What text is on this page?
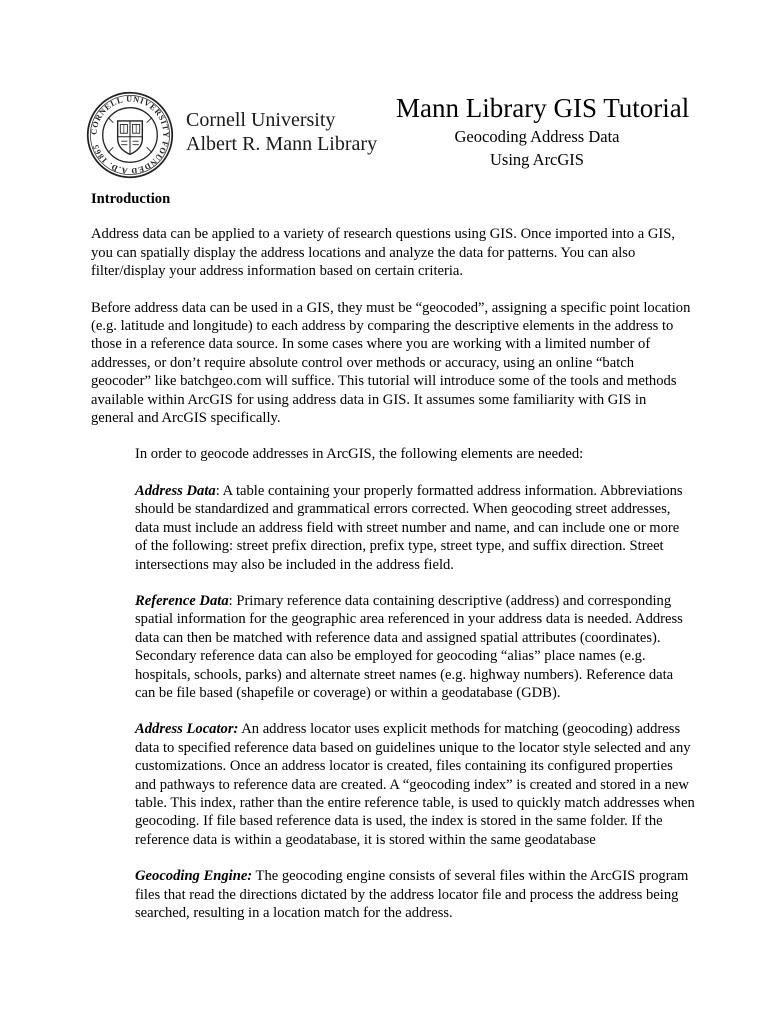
CORNELL UNIVERSITY FOUNDED A.D. 1865
Cornell University
Albert R. Mann Library
Mann Library GIS Tutorial
Geocoding Address Data
Using ArcGIS
Introduction

Address data can be applied to a variety of research questions using GIS. Once imported into a GIS, you can spatially display the address locations and analyze the data for patterns. You can also filter/display your address information based on certain criteria.

Before address data can be used in a GIS, they must be “geocoded”, assigning a specific point location (e.g. latitude and longitude) to each address by comparing the descriptive elements in the address to those in a reference data source. In some cases where you are working with a limited number of addresses, or don’t require absolute control over methods or accuracy, using an online “batch geocoder” like batchgeo.com will suffice. This tutorial will introduce some of the tools and methods available within ArcGIS for using address data in GIS. It assumes some familiarity with GIS in general and ArcGIS specifically.

In order to geocode addresses in ArcGIS, the following elements are needed:

Address Data: A table containing your properly formatted address information. Abbreviations should be standardized and grammatical errors corrected. When geocoding street addresses, data must include an address field with street number and name, and can include one or more of the following: street prefix direction, prefix type, street type, and suffix direction. Street intersections may also be included in the address field.

Reference Data: Primary reference data containing descriptive (address) and corresponding spatial information for the geographic area referenced in your address data is needed. Address data can then be matched with reference data and assigned spatial attributes (coordinates). Secondary reference data can also be employed for geocoding “alias” place names (e.g. hospitals, schools, parks) and alternate street names (e.g. highway numbers). Reference data can be file based (shapefile or coverage) or within a geodatabase (GDB).

Address Locator: An address locator uses explicit methods for matching (geocoding) address data to specified reference data based on guidelines unique to the locator style selected and any customizations. Once an address locator is created, files containing its configured properties and pathways to reference data are created. A “geocoding index” is created and stored in a new table. This index, rather than the entire reference table, is used to quickly match addresses when geocoding. If file based reference data is used, the index is stored in the same folder. If the reference data is within a geodatabase, it is stored within the same geodatabase

Geocoding Engine: The geocoding engine consists of several files within the ArcGIS program files that read the directions dictated by the address locator file and process the address being searched, resulting in a location match for the address.
